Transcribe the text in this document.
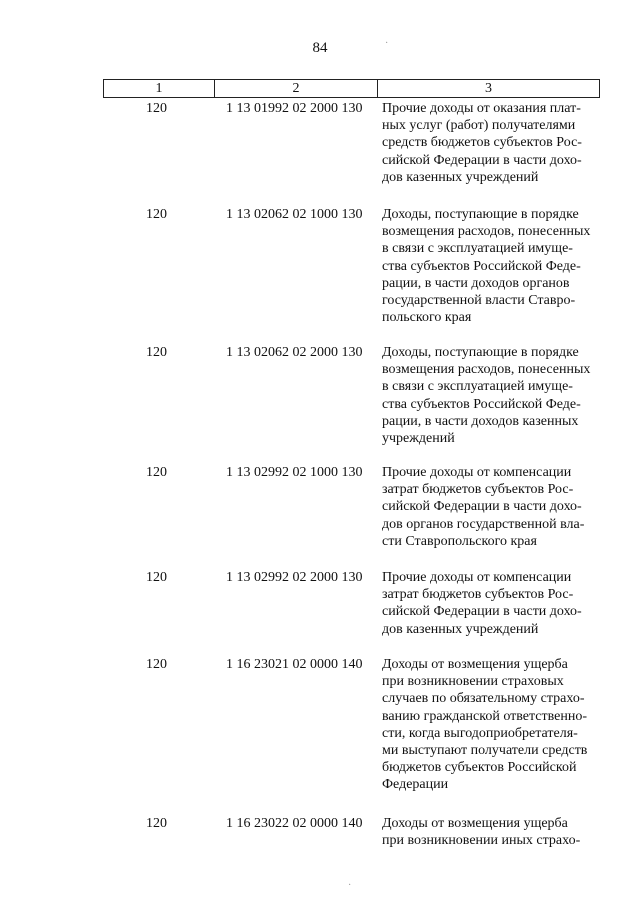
84
1	2	3
120	1 13 01992 02 2000 130	Прочие доходы от оказания плат-
ных услуг (работ) получателями
средств бюджетов субъектов Рос-
сийской Федерации в части дохо-
дов казенных учреждений
120	1 13 02062 02 1000 130	Доходы, поступающие в порядке
возмещения расходов, понесенных
в связи с эксплуатацией имуще-
ства субъектов Российской Феде-
рации, в части доходов органов
государственной власти Ставро-
польского края
120	1 13 02062 02 2000 130	Доходы, поступающие в порядке
возмещения расходов, понесенных
в связи с эксплуатацией имуще-
ства субъектов Российской Феде-
рации, в части доходов казенных
учреждений
120	1 13 02992 02 1000 130	Прочие доходы от компенсации
затрат бюджетов субъектов Рос-
сийской Федерации в части дохо-
дов органов государственной вла-
сти Ставропольского края
120	1 13 02992 02 2000 130	Прочие доходы от компенсации
затрат бюджетов субъектов Рос-
сийской Федерации в части дохо-
дов казенных учреждений
120	1 16 23021 02 0000 140	Доходы от возмещения ущерба
при возникновении страховых
случаев по обязательному страхо-
ванию гражданской ответственно-
сти, когда выгодоприобретателя-
ми выступают получатели средств
бюджетов субъектов Российской
Федерации
120	1 16 23022 02 0000 140	Доходы от возмещения ущерба
при возникновении иных страхо-
·
·
